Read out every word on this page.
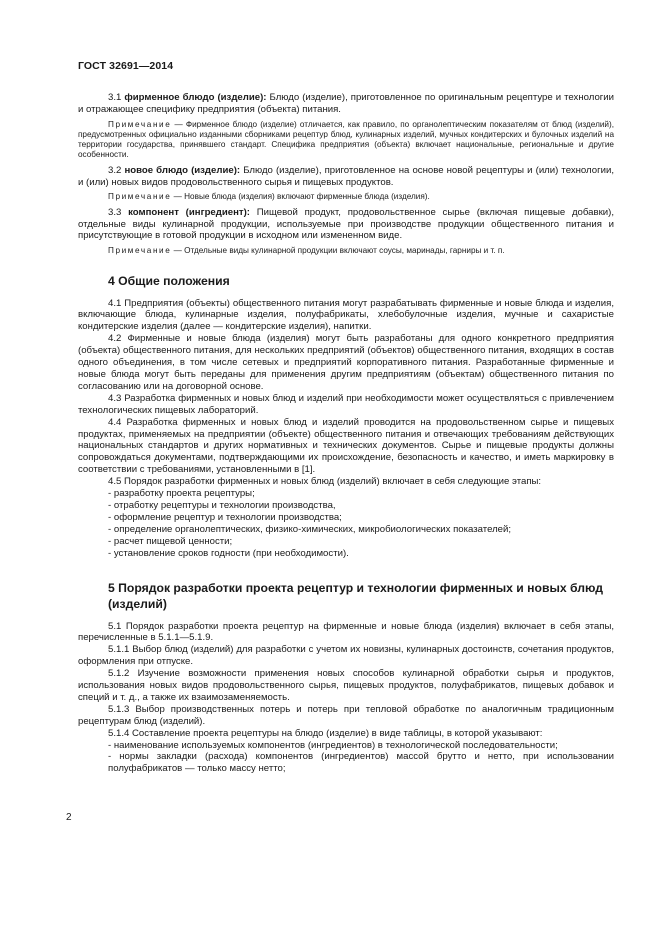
ГОСТ 32691—2014

3.1 фирменное блюдо (изделие): Блюдо (изделие), приготовленное по оригинальным рецептуре и технологии и отражающее специфику предприятия (объекта) питания.

Примечание — Фирменное блюдо (изделие) отличается, как правило, по органолептическим показателям от блюд (изделий), предусмотренных официально изданными сборниками рецептур блюд, кулинарных изделий, мучных кондитерских и булочных изделий на территории государства, принявшего стандарт. Специфика предприятия (объекта) включает национальные, региональные и другие особенности.

3.2 новое блюдо (изделие): Блюдо (изделие), приготовленное на основе новой рецептуры и (или) технологии, и (или) новых видов продовольственного сырья и пищевых продуктов.

Примечание — Новые блюда (изделия) включают фирменные блюда (изделия).

3.3 компонент (ингредиент): Пищевой продукт, продовольственное сырье (включая пищевые добавки), отдельные виды кулинарной продукции, используемые при производстве продукции общественного питания и присутствующие в готовой продукции в исходном или измененном виде.

Примечание — Отдельные виды кулинарной продукции включают соусы, маринады, гарниры и т. п.

4 Общие положения

4.1 Предприятия (объекты) общественного питания могут разрабатывать фирменные и новые блюда и изделия, включающие блюда, кулинарные изделия, полуфабрикаты, хлебобулочные изделия, мучные и сахаристые кондитерские изделия (далее — кондитерские изделия), напитки.

4.2 Фирменные и новые блюда (изделия) могут быть разработаны для одного конкретного предприятия (объекта) общественного питания, для нескольких предприятий (объектов) общественного питания, входящих в состав одного объединения, в том числе сетевых и предприятий корпоративного питания. Разработанные фирменные и новые блюда могут быть переданы для применения другим предприятиям (объектам) общественного питания по согласованию или на договорной основе.

4.3 Разработка фирменных и новых блюд и изделий при необходимости может осуществляться с привлечением технологических пищевых лабораторий.

4.4 Разработка фирменных и новых блюд и изделий проводится на продовольственном сырье и пищевых продуктах, применяемых на предприятии (объекте) общественного питания и отвечающих требованиям действующих национальных стандартов и других нормативных и технических документов. Сырье и пищевые продукты должны сопровождаться документами, подтверждающими их происхождение, безопасность и качество, и иметь маркировку в соответствии с требованиями, установленными в [1].

4.5 Порядок разработки фирменных и новых блюд (изделий) включает в себя следующие этапы:

- разработку проекта рецептуры;

- отработку рецептуры и технологии производства,

- оформление рецептур и технологии производства;

- определение органолептических, физико-химических, микробиологических показателей;

- расчет пищевой ценности;

- установление сроков годности (при необходимости).

5 Порядок разработки проекта рецептур и технологии фирменных и новых блюд (изделий)

5.1 Порядок разработки проекта рецептур на фирменные и новые блюда (изделия) включает в себя этапы, перечисленные в 5.1.1—5.1.9.

5.1.1 Выбор блюд (изделий) для разработки с учетом их новизны, кулинарных достоинств, сочетания продуктов, оформления при отпуске.

5.1.2 Изучение возможности применения новых способов кулинарной обработки сырья и продуктов, использования новых видов продовольственного сырья, пищевых продуктов, полуфабрикатов, пищевых добавок и специй и т. д., а также их взаимозаменяемость.

5.1.3 Выбор производственных потерь и потерь при тепловой обработке по аналогичным традиционным рецептурам блюд (изделий).

5.1.4 Составление проекта рецептуры на блюдо (изделие) в виде таблицы, в которой указывают:

- наименование используемых компонентов (ингредиентов) в технологической последовательности;

- нормы закладки (расхода) компонентов (ингредиентов) массой брутто и нетто, при использовании полуфабрикатов — только массу нетто;

2
